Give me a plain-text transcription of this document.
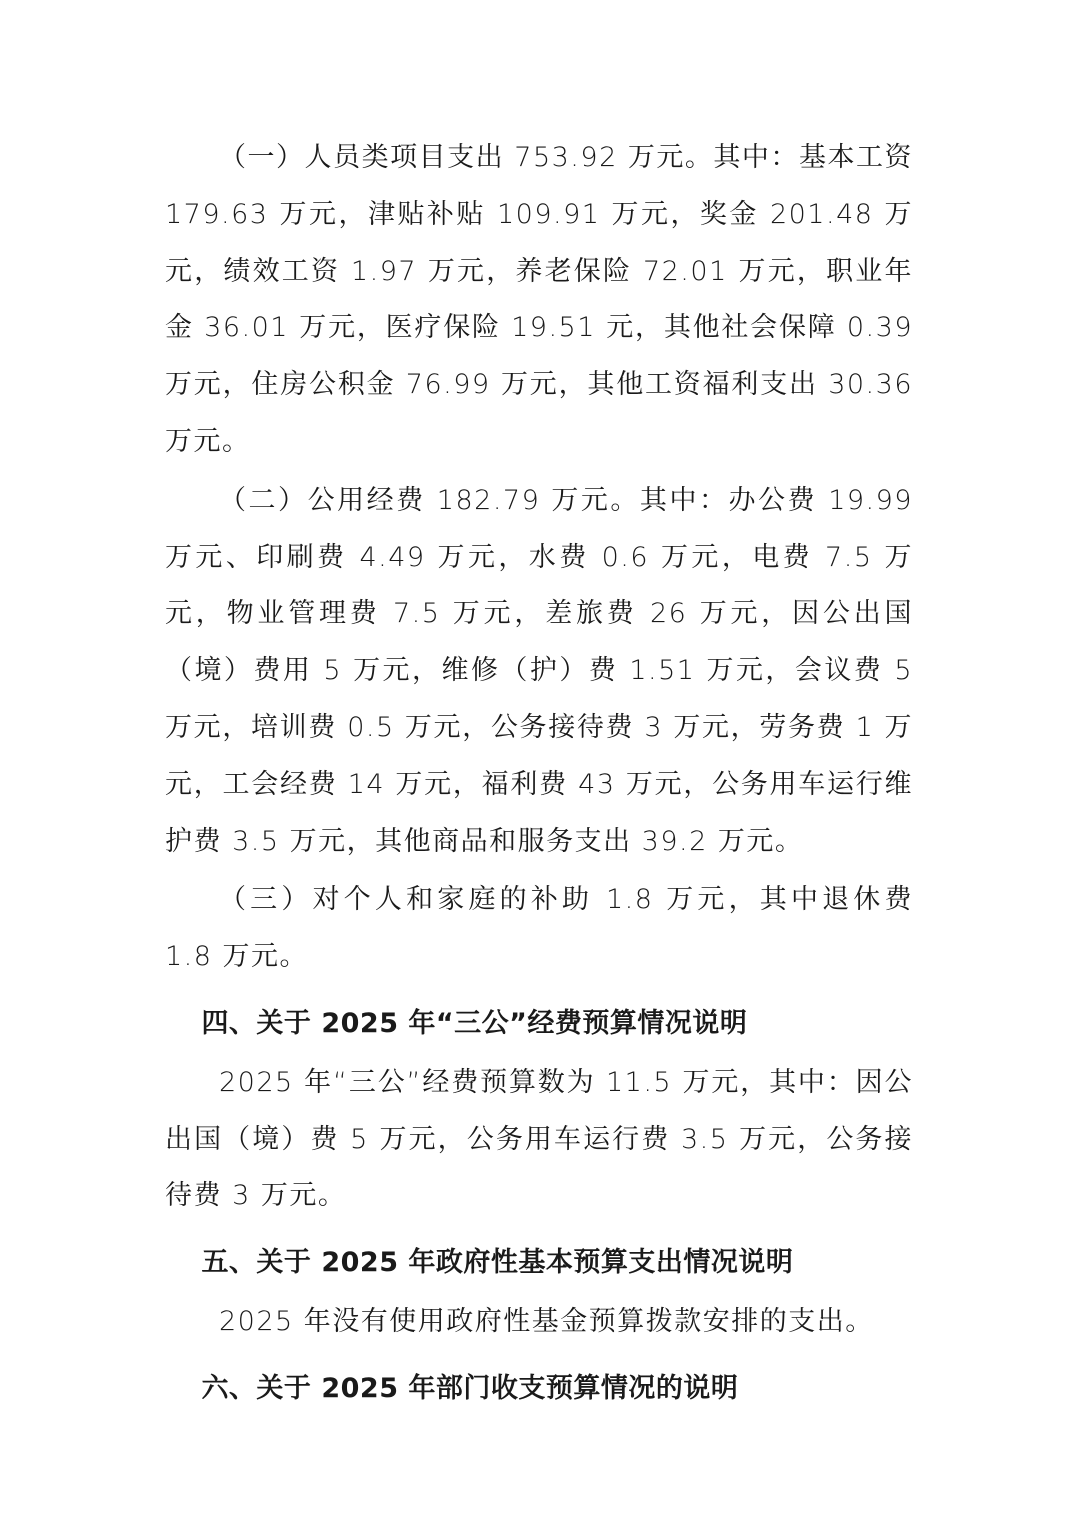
（一）人员类项目支出 753.92 万元。其中：基本工资 179.63 万元，津贴补贴 109.91 万元，奖金 201.48 万元，绩效工资 1.97 万元，养老保险 72.01 万元，职业年金 36.01 万元，医疗保险 19.51 元，其他社会保障 0.39 万元，住房公积金 76.99 万元，其他工资福利支出 30.36 万元。

（二）公用经费 182.79 万元。其中：办公费 19.99 万元、印刷费 4.49 万元，水费 0.6 万元，电费 7.5 万元，物业管理费 7.5 万元，差旅费 26 万元，因公出国（境）费用 5 万元，维修（护）费 1.51 万元，会议费 5 万元，培训费 0.5 万元，公务接待费 3 万元，劳务费 1 万元，工会经费 14 万元，福利费 43 万元，公务用车运行维护费 3.5 万元，其他商品和服务支出 39.2 万元。

（三）对个人和家庭的补助 1.8 万元，其中退休费 1.8 万元。

四、关于 2025 年“三公”经费预算情况说明

2025 年“三公”经费预算数为 11.5 万元，其中：因公出国（境）费 5 万元，公务用车运行费 3.5 万元，公务接待费 3 万元。

五、关于 2025 年政府性基本预算支出情况说明

2025 年没有使用政府性基金预算拨款安排的支出。

六、关于 2025 年部门收支预算情况的说明
